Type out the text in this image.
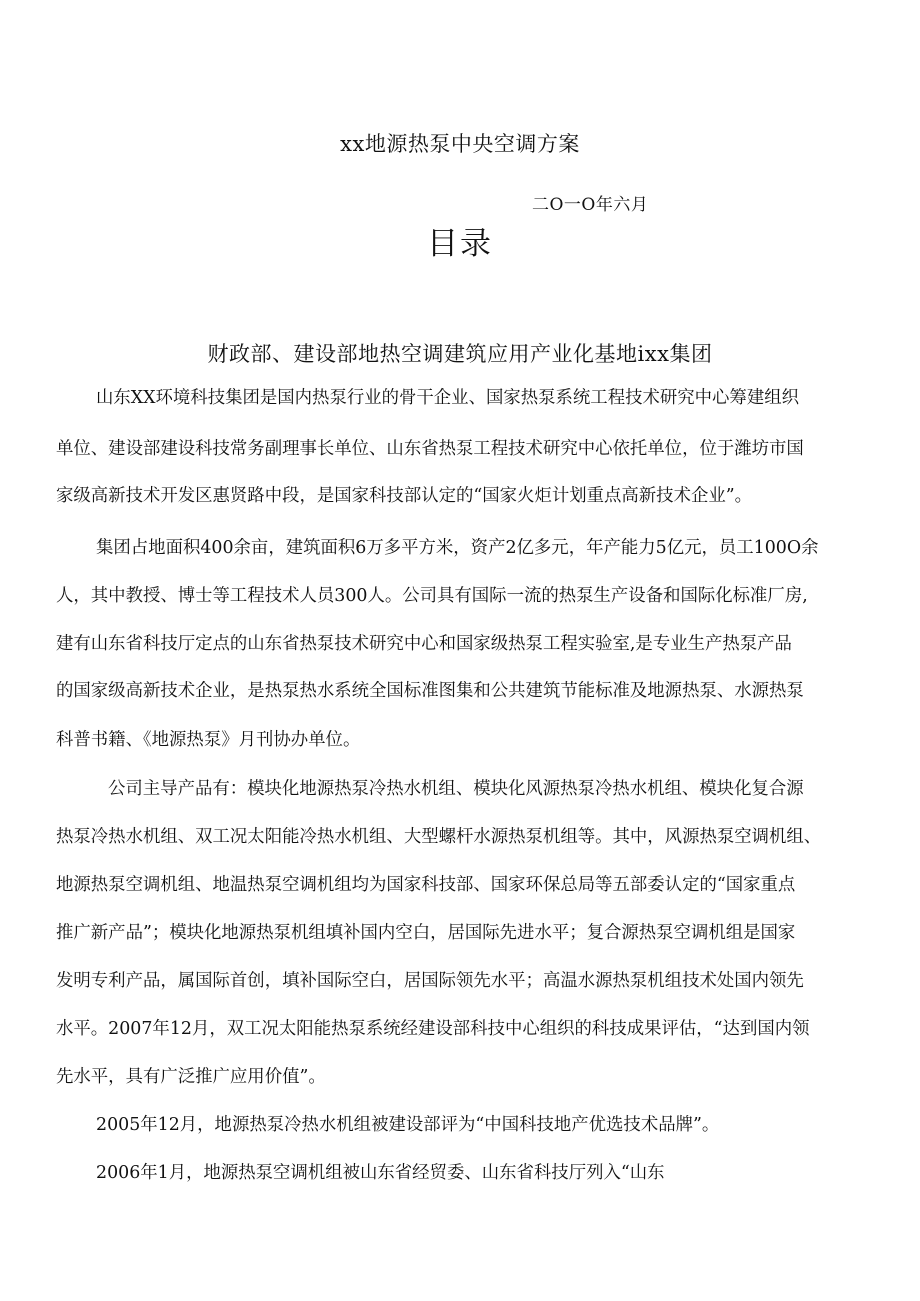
xx地源热泵中央空调方案
二O一O年六月
目录
财政部、建设部地热空调建筑应用产业化基地ixx集团
山东XX环境科技集团是国内热泵行业的骨干企业、国家热泵系统工程技术研究中心筹建组织
单位、建设部建设科技常务副理事长单位、山东省热泵工程技术研究中心依托单位，位于潍坊市国
家级高新技术开发区惠贤路中段，是国家科技部认定的“国家火炬计划重点高新技术企业”。
集团占地面积400余亩，建筑面积6万多平方米，资产2亿多元，年产能力5亿元，员工100O余
人，其中教授、博士等工程技术人员300人。公司具有国际一流的热泵生产设备和国际化标准厂房,
建有山东省科技厅定点的山东省热泵技术研究中心和国家级热泵工程实验室,是专业生产热泵产品
的国家级高新技术企业，是热泵热水系统全国标准图集和公共建筑节能标准及地源热泵、水源热泵
科普书籍、《地源热泵》月刊协办单位。
公司主导产品有：模块化地源热泵冷热水机组、模块化风源热泵冷热水机组、模块化复合源
热泵冷热水机组、双工况太阳能冷热水机组、大型螺杆水源热泵机组等。其中，风源热泵空调机组、
地源热泵空调机组、地温热泵空调机组均为国家科技部、国家环保总局等五部委认定的“国家重点
推广新产品”；模块化地源热泵机组填补国内空白，居国际先进水平；复合源热泵空调机组是国家
发明专利产品，属国际首创，填补国际空白，居国际领先水平；高温水源热泵机组技术处国内领先
水平。2007年12月，双工况太阳能热泵系统经建设部科技中心组织的科技成果评估，“达到国内领
先水平，具有广泛推广应用价值”。
2005年12月，地源热泵冷热水机组被建设部评为“中国科技地产优选技术品牌”。
2006年1月，地源热泵空调机组被山东省经贸委、山东省科技厅列入“山东
